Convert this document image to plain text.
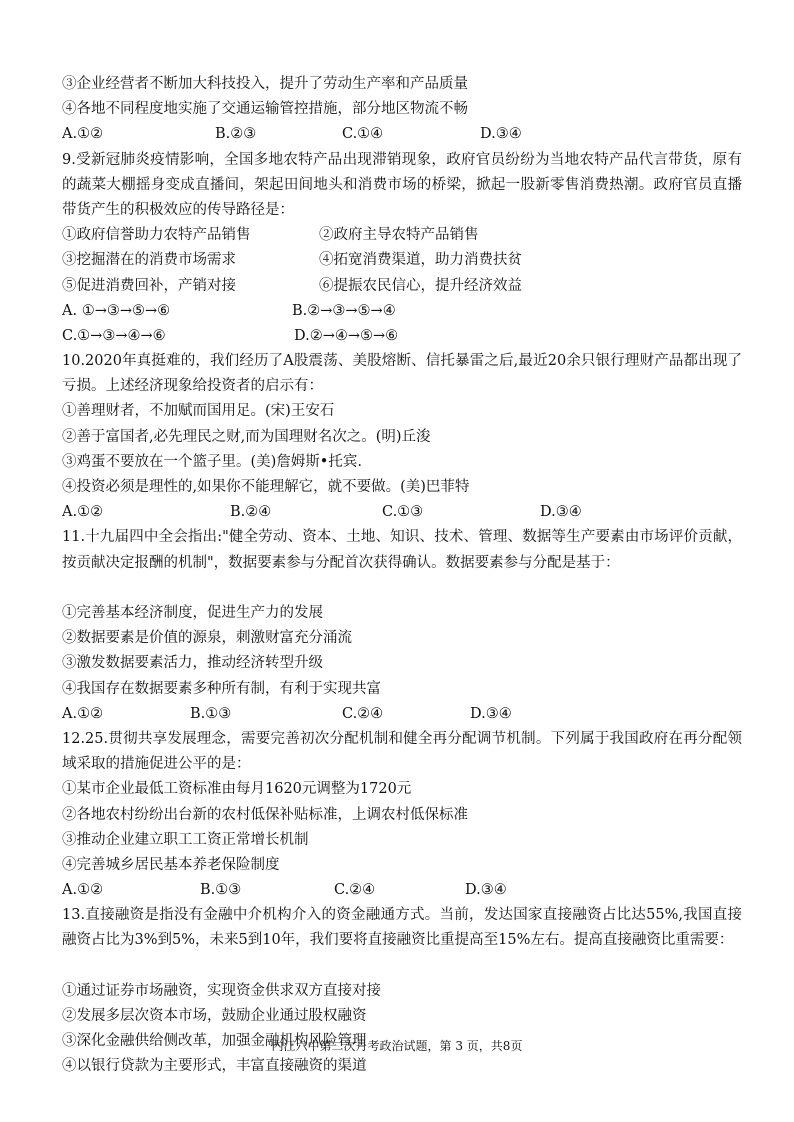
③企业经营者不断加大科技投入，提升了劳动生产率和产品质量
④各地不同程度地实施了交通运输管控措施，部分地区物流不畅
A.①②	B.②③	C.①④	D.③④
9.受新冠肺炎疫情影响，全国多地农特产品出现滞销现象，政府官员纷纷为当地农特产品代言带货，原有的蔬菜大棚摇身变成直播间，架起田间地头和消费市场的桥梁，掀起一股新零售消费热潮。政府官员直播带货产生的积极效应的传导路径是：
①政府信誉助力农特产品销售	②政府主导农特产品销售
③挖掘潜在的消费市场需求	④拓宽消费渠道，助力消费扶贫
⑤促进消费回补，产销对接	⑥提振农民信心，提升经济效益
A. ①→③→⑤→⑥	B.②→③→⑤→④
C.①→③→④→⑥	D.②→④→⑤→⑥
10.2020年真挺难的，我们经历了A股震荡、美股熔断、信托暴雷之后,最近20余只银行理财产品都出现了亏损。上述经济现象给投资者的启示有：
①善理财者，不加赋而国用足。(宋)王安石
②善于富国者,必先理民之财,而为国理财名次之。(明)丘浚
③鸡蛋不要放在一个篮子里。(美)詹姆斯•托宾.
④投资必须是理性的,如果你不能理解它，就不要做。(美)巴菲特
A.①②	B.②④	C.①③	D.③④
11.十九届四中全会指出:"健全劳动、资本、土地、知识、技术、管理、数据等生产要素由市场评价贡献，按贡献决定报酬的机制"，数据要素参与分配首次获得确认。数据要素参与分配是基于：
①完善基本经济制度，促进生产力的发展
②数据要素是价值的源泉，刺激财富充分涌流
③激发数据要素活力，推动经济转型升级
④我国存在数据要素多种所有制，有利于实现共富
A.①②	B.①③	C.②④	D.③④
12.25.贯彻共享发展理念，需要完善初次分配机制和健全再分配调节机制。下列属于我国政府在再分配领域采取的措施促进公平的是：
①某市企业最低工资标准由每月1620元调整为1720元
②各地农村纷纷出台新的农村低保补贴标准，上调农村低保标准
③推动企业建立职工工资正常增长机制
④完善城乡居民基本养老保险制度
A.①②	B.①③	C.②④	D.③④
13.直接融资是指没有金融中介机构介入的资金融通方式。当前，发达国家直接融资占比达55%,我国直接融资占比为3%到5%，未来5到10年，我们要将直接融资比重提高至15%左右。提高直接融资比重需要：
①通过证券市场融资，实现资金供求双方直接对接
②发展多层次资本市场，鼓励企业通过股权融资
③深化金融供给侧改革，加强金融机构风险管理
④以银行贷款为主要形式，丰富直接融资的渠道
内江六中第二次月考政治试题，第 3 页，共8页
